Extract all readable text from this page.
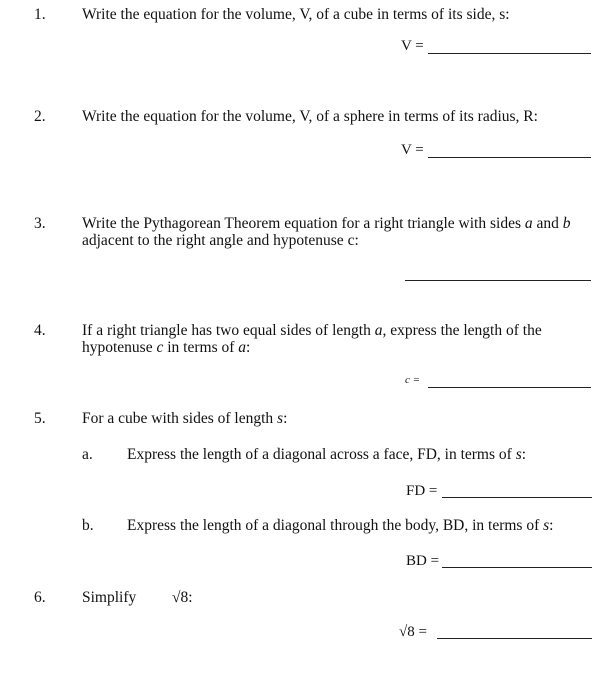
1. Write the equation for the volume, V, of a cube in terms of its side, s:
V =
2. Write the equation for the volume, V, of a sphere in terms of its radius, R:
V =
3. Write the Pythagorean Theorem equation for a right triangle with sides a and b
adjacent to the right angle and hypotenuse c:
4. If a right triangle has two equal sides of length a, express the length of the
hypotenuse c in terms of a:
c =
5. For a cube with sides of length s:
a. Express the length of a diagonal across a face, FD, in terms of s:
FD =
b. Express the length of a diagonal through the body, BD, in terms of s:
BD =
6. Simplify √8:
√8 =
